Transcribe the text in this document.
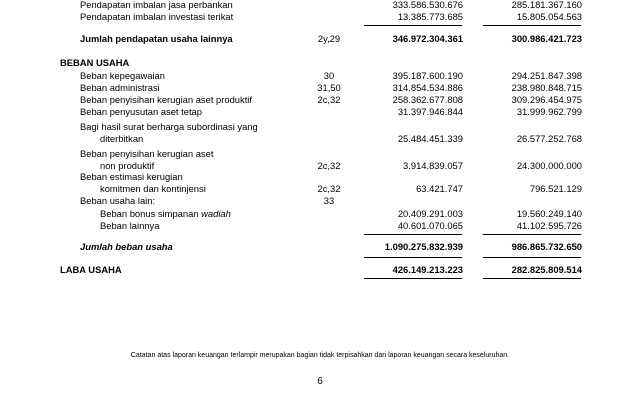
Pendapatan imbalan jasa perbankan	333.586.530.676	285.181.367.160
Pendapatan imbalan investasi terikat	13.385.773.685	15.805.054.563
Jumlah pendapatan usaha lainnya	2y,29	346.972.304.361	300.986.421.723
BEBAN USAHA
Beban kepegawaian	30	395.187.600.190	294.251.847.398
Beban administrasi	31,50	314.854.534.886	238.980.848.715
Beban penyisihan kerugian aset produktif	2c,32	258.362.677.808	309.296.454.975
Beban penyusutan aset tetap	31.397.946.844	31.999.962.799
Bagi hasil surat berharga subordinasi yang
diterbitkan	25.484.451.339	26.577.252.768
Beban penyisihan kerugian aset
non produktif	2c,32	3.914.839.057	24.300.000.000
Beban estimasi kerugian
komitmen dan kontinjensi	2c,32	63.421.747	796.521.129
Beban usaha lain:	33
Beban bonus simpanan wadiah	20.409.291.003	19.560.249.140
Beban lainnya	40.601.070.065	41.102.595.726
Jumlah beban usaha	1.090.275.832.939	986.865.732.650
LABA USAHA	426.149.213.223	282.825.809.514
Catatan atas laporan keuangan terlampir merupakan bagian tidak terpisahkan dari laporan keuangan secara keseluruhan.
6
